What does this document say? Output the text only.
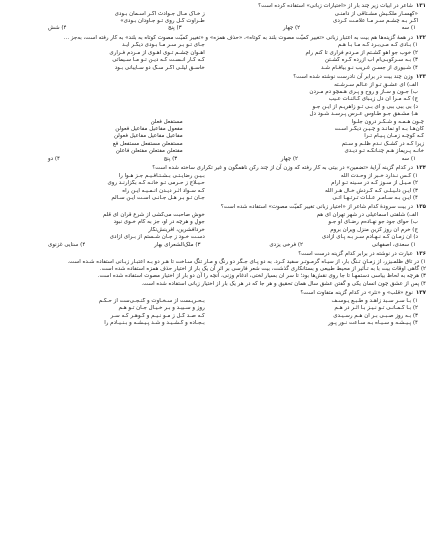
۱۳۱
شاعر در ابیات زیر چند بار از «اختیارات زبانی» استفاده کرده است؟
«کهسـار ملکـیش مشـتاقی از دامنـی
ز خـاک مـال جـوادث اگـر اسـمان بـودی
اگـر بـه چشـم سـر مـا علامـت کـردی
طـراوت گـل روی تـو جـاودان بـودی»
۱) سه
۲) چهار
۳) پنج
۴) شش
۱۳۲
در همهٔ گزینه‌ها هم بیت به اعتبار زبانی «تغییر کمیّت مصوت بلند به کوتاه»، «حذف همزه» و «تغییر کمیّت مصوت کوتاه به بلند» به کار رفته است، به‌جز ...
۱) بـادی کـه مـی‌بـرد کـه مـا بـا هـم
جـای تـو بـر سـر مـا بـودی دیگـر آیـد
۲) خوب جو آهو گشـتم از مـردم فراری تا کنم رام
آهـوان چشـم تـوی آهـوی از مـردم فـراری
۳) بـه سـرکوبـی‌ام آب ازرده گـره گشـتن
کـه کـار آنـسـت کـه دیـن تـو مـا سـیماتی
۴) شـیوری از جسـن غـریب نـو بیافـام شـد
خاسـق لیلـی اگـر سـگ دو سـایبانی بـود
۱۳۳
وزن چند بیت در برابر آن نادرست نوشته شده است؟
الف) ای عشـق تـو از عـالم سـرشـته
ب) جـون و سـاز و روح و پـری هـمچو دم مـردن
ج) کـه مـرا آن دل زیـبای کـائنـات عـیب
د) بی ببی ببی و ای بـی تـو زاهریـم از ایـن جـو
هـ) مشـفق جـو طـاوس عـرس پـرسـد شـود دل
چـون هـمـه و شـکـر درون جلـوا
مستفعل فعلن
کان‌هـا بـه او نمانـد و چـیـن دیگـر اسـت
مفعول مفاعیل مفاعیل فعولن
کـه کوچـه زمـان پـیـام تـرا
مفاعیل مفاعیل مفاعیل فعولن
زیرا کـه در کشـک نـدم ظلـم و سـتم
مستفعلن مستفعل مستفعل فع
خانـه پـریماز هـم چنـانکـه تـو دیـدی
مفتعلن مفتعلن مفتعلن فاعلن
۱) سه
۲) چهار
۳) پنج
۴) دو
۱۳۴
در کدام گزینه آرایهٔ «تضمین» در بیتی به کار رفته که وزن آن از چند رکن ناهمگون و غیر تکراری ساخته شده است؟
۱) کـس نـدارد خـبر از وحـدت الله
بـیـن رضایـتـی بـشـتـافـیـم جـز هـوا را
۲) مـیـل از سـوز کـه در سـینه تـو آرام
حـیـلاج ز حـرمی تـو خانـه کـه بگزارنـد روی
۳) ایـن دلـیـلـی کـه گـردش خـال هـر الله
کـه سـواد اثـر دیـدن آنـمـیـه ایـن راه
۴) ایـن بـه سـامـر عـلـات تـرتـهـا اتـی
جـان تـو بـر هـل جـانـی اسـت ایـن سـالم
۱۳۵
در بیت سرودهٔ کدام شاعر از «اختیار زبانی تغییر کمیّت مصوت» استفاده شده است؟
الف) شلفتی اسماعیلی در شهر تهران ای هم
خوش صاحبت می‌کشی از شرع قرآن ای قلم
ب) حوای جود جو نهـاده‌م رضـای او جـو
جولِ و هرچه در او، جز به کام خـوی نبود
ج) خرم آن روز کزین منزل ویران بروم
خردافشرین، آفرینش‌نگار
د) آن زمـان کـه نـهـادم سـر بـه پـای آزادی
دسـت خـود ز جـان شـستم از بـرای آزادی
۱) سعدی، اصفهانی
۲) فرخی یزدی
۳) ملک‌الشعرای بهار
۴) سنایی غزنوی
۱۳۶
عبارت در نوشته در برابر کدام گزینه درست است؟
۱) در تاق ظلمـیزر، از زمـان تـنگ بار، از سیـاه گرمـوتـر سفید کـرد. به دو پـای جـگر دو رنگ و مـار تنگ سـاخت تا هـر دو بـه اعتبـار زبـانی استفاده شـده است.
۲) گاهی اوقات بیت با به تـأثیر از محیط طبیعی و بستانکاری گذشت، بیت شعر فارسی بر اثر آن یک بار از اختیار حذف همزه استفاده شده است.
۳) هرچه به لحاظ بیاسی دستمهـا تا جا روی نقش‌ها بود؛ تا سر ان بسیار لختی، ادغام وزنی، آنچه را آن دو بار از اختیار مصوت استفاده شده است.
۴) پس از عشق چون انسان یکی و گفتن عشق سال همان تحقیق و هر جا که در هر یک بار از اختیار زبانی استفاده شده است.
۱۳۷
نوع «قلب» و «نثر» در کدام گزینه متفاوت است؟
۱) بـا سـر سـبد زاهـد و طـبـع یـوسـف
بـحـریـست از سـخـاوت و گنـجـی‌ست از حـکـم
۲) بـا کـمـانـی تـو نـیـز بـا اثـر در هـم
روز و سـبیـد و بـر خـیـال جـان تـو هـم
۳) بـه روز صـبـی بـر آن هـم رسـیـدی
کـه صـد گـل ز مـو نـیـم و گـوهـر کـه سـر
۴) پـیـشـه و سـیـاه بـه سـاعت نـور پـور
بـجـاده و کـشـیـد و شـد پـیـشـه و بـنـیـادم را
